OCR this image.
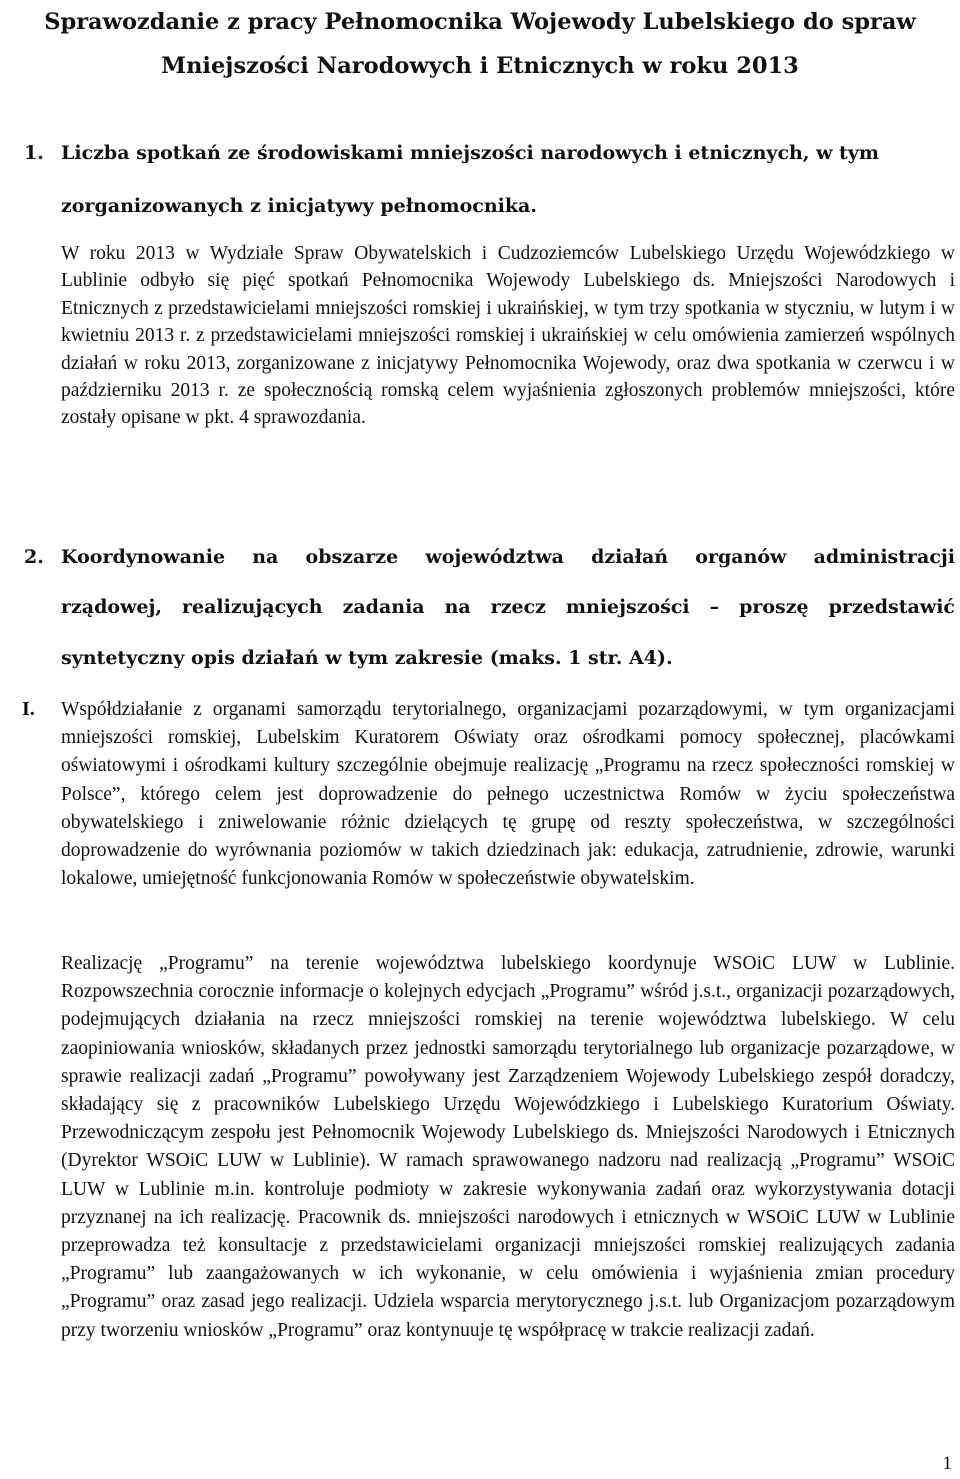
Sprawozdanie z pracy Pełnomocnika Wojewody Lubelskiego do spraw
Mniejszości Narodowych i Etnicznych w roku 2013
1. Liczba spotkań ze środowiskami mniejszości narodowych i etnicznych, w tym
zorganizowanych z inicjatywy pełnomocnika.

W roku 2013 w Wydziale Spraw Obywatelskich i Cudzoziemców Lubelskiego Urzędu Wojewódzkiego w Lublinie odbyło się pięć spotkań Pełnomocnika Wojewody Lubelskiego ds. Mniejszości Narodowych i Etnicznych z przedstawicielami mniejszości romskiej i ukraińskiej, w tym trzy spotkania w styczniu, w lutym i w kwietniu 2013 r. z przedstawicielami mniejszości romskiej i ukraińskiej w celu omówienia zamierzeń wspólnych działań w roku 2013, zorganizowane z inicjatywy Pełnomocnika Wojewody, oraz dwa spotkania w czerwcu i w październiku 2013 r. ze społecznością romską celem wyjaśnienia zgłoszonych problemów mniejszości, które zostały opisane w pkt. 4 sprawozdania.

2. Koordynowanie na obszarze województwa działań organów administracji
rządowej, realizujących zadania na rzecz mniejszości – proszę przedstawić
syntetyczny opis działań w tym zakresie (maks. 1 str. A4).
I. Współdziałanie z organami samorządu terytorialnego, organizacjami pozarządowymi, w tym organizacjami mniejszości romskiej, Lubelskim Kuratorem Oświaty oraz ośrodkami pomocy społecznej, placówkami oświatowymi i ośrodkami kultury szczególnie obejmuje realizację „Programu na rzecz społeczności romskiej w Polsce”, którego celem jest doprowadzenie do pełnego uczestnictwa Romów w życiu społeczeństwa obywatelskiego i zniwelowanie różnic dzielących tę grupę od reszty społeczeństwa, w szczególności doprowadzenie do wyrównania poziomów w takich dziedzinach jak: edukacja, zatrudnienie, zdrowie, warunki lokalowe, umiejętność funkcjonowania Romów w społeczeństwie obywatelskim.

Realizację „Programu” na terenie województwa lubelskiego koordynuje WSOiC LUW w Lublinie. Rozpowszechnia corocznie informacje o kolejnych edycjach „Programu” wśród j.s.t., organizacji pozarządowych, podejmujących działania na rzecz mniejszości romskiej na terenie województwa lubelskiego. W celu zaopiniowania wniosków, składanych przez jednostki samorządu terytorialnego lub organizacje pozarządowe, w sprawie realizacji zadań „Programu” powoływany jest Zarządzeniem Wojewody Lubelskiego zespół doradczy, składający się z pracowników Lubelskiego Urzędu Wojewódzkiego i Lubelskiego Kuratorium Oświaty. Przewodniczącym zespołu jest Pełnomocnik Wojewody Lubelskiego ds. Mniejszości Narodowych i Etnicznych (Dyrektor WSOiC LUW w Lublinie). W ramach sprawowanego nadzoru nad realizacją „Programu” WSOiC LUW w Lublinie m.in. kontroluje podmioty w zakresie wykonywania zadań oraz wykorzystywania dotacji przyznanej na ich realizację. Pracownik ds. mniejszości narodowych i etnicznych w WSOiC LUW w Lublinie przeprowadza też konsultacje z przedstawicielami organizacji mniejszości romskiej realizujących zadania „Programu” lub zaangażowanych w ich wykonanie, w celu omówienia i wyjaśnienia zmian procedury „Programu” oraz zasad jego realizacji. Udziela wsparcia merytorycznego j.s.t. lub Organizacjom pozarządowym przy tworzeniu wniosków „Programu” oraz kontynuuje tę współpracę w trakcie realizacji zadań.

1
